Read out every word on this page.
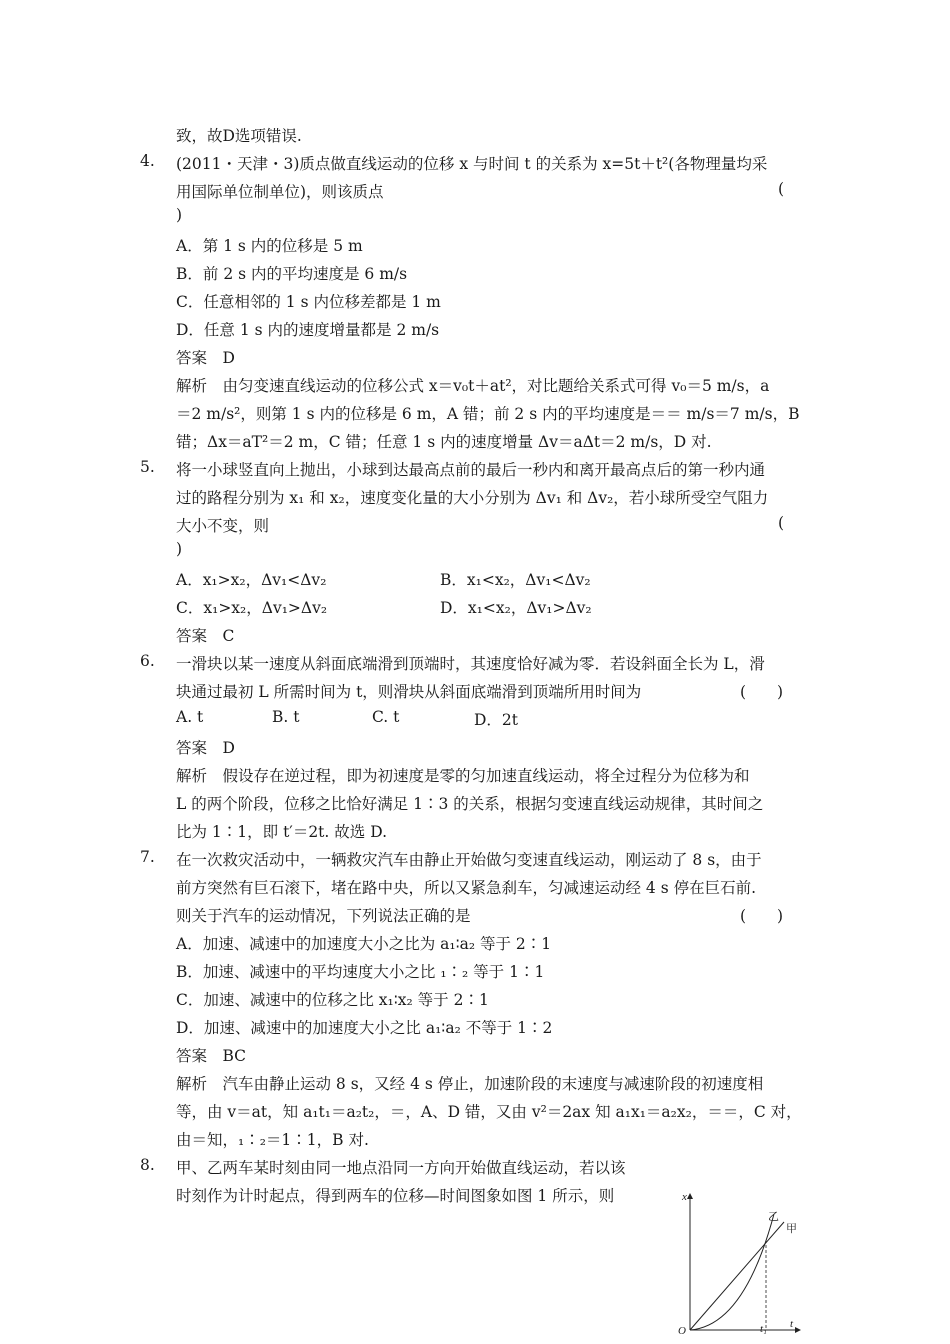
致，故D选项错误.
4. (2011・天津・3)质点做直线运动的位移 x 与时间 t 的关系为 x=5t＋t²(各物理量均采
用国际单位制单位)，则该质点	(
)
A．第 1 s 内的位移是 5 m
B．前 2 s 内的平均速度是 6 m/s
C．任意相邻的 1 s 内位移差都是 1 m
D．任意 1 s 内的速度增量都是 2 m/s
答案　D
解析　由匀变速直线运动的位移公式 x＝v₀t＋at²，对比题给关系式可得 v₀＝5 m/s，a
＝2 m/s²，则第 1 s 内的位移是 6 m，A 错；前 2 s 内的平均速度是＝＝ m/s＝7 m/s，B
错；Δx＝aT²＝2 m，C 错；任意 1 s 内的速度增量 Δv＝aΔt＝2 m/s，D 对.
5. 将一小球竖直向上抛出，小球到达最高点前的最后一秒内和离开最高点后的第一秒内通
过的路程分别为 x₁ 和 x₂，速度变化量的大小分别为 Δv₁ 和 Δv₂，若小球所受空气阻力
大小不变，则	(
)
A．x₁>x₂，Δv₁<Δv₂	B．x₁<x₂，Δv₁<Δv₂
C．x₁>x₂，Δv₁>Δv₂	D．x₁<x₂，Δv₁>Δv₂
答案　C
6. 一滑块以某一速度从斜面底端滑到顶端时，其速度恰好减为零．若设斜面全长为 L，滑
块通过最初 L 所需时间为 t，则滑块从斜面底端滑到顶端所用时间为	(　　)
A. t	B. t	C. t	D．2t
答案　D
解析　假设存在逆过程，即为初速度是零的匀加速直线运动，将全过程分为位移为和
L 的两个阶段，位移之比恰好满足 1∶3 的关系，根据匀变速直线运动规律，其时间之
比为 1∶1，即 t′＝2t. 故选 D.
7. 在一次救灾活动中，一辆救灾汽车由静止开始做匀变速直线运动，刚运动了 8 s，由于
前方突然有巨石滚下，堵在路中央，所以又紧急刹车，匀减速运动经 4 s 停在巨石前.
则关于汽车的运动情况，下列说法正确的是	(　　)
A．加速、减速中的加速度大小之比为 a₁∶a₂ 等于 2∶1
B．加速、减速中的平均速度大小之比 ₁∶₂ 等于 1∶1
C．加速、减速中的位移之比 x₁∶x₂ 等于 2∶1
D．加速、减速中的加速度大小之比 a₁∶a₂ 不等于 1∶2
答案　BC
解析　汽车由静止运动 8 s，又经 4 s 停止，加速阶段的末速度与减速阶段的初速度相
等，由 v＝at，知 a₁t₁＝a₂t₂，＝，A、D 错，又由 v²＝2ax 知 a₁x₁＝a₂x₂，＝＝，C 对，
由＝知，₁∶₂＝1∶1，B 对.
8. 甲、乙两车某时刻由同一地点沿同一方向开始做直线运动，若以该
时刻作为计时起点，得到两车的位移—时间图象如图 1 所示，则	x
t
O	t₁
乙
甲
